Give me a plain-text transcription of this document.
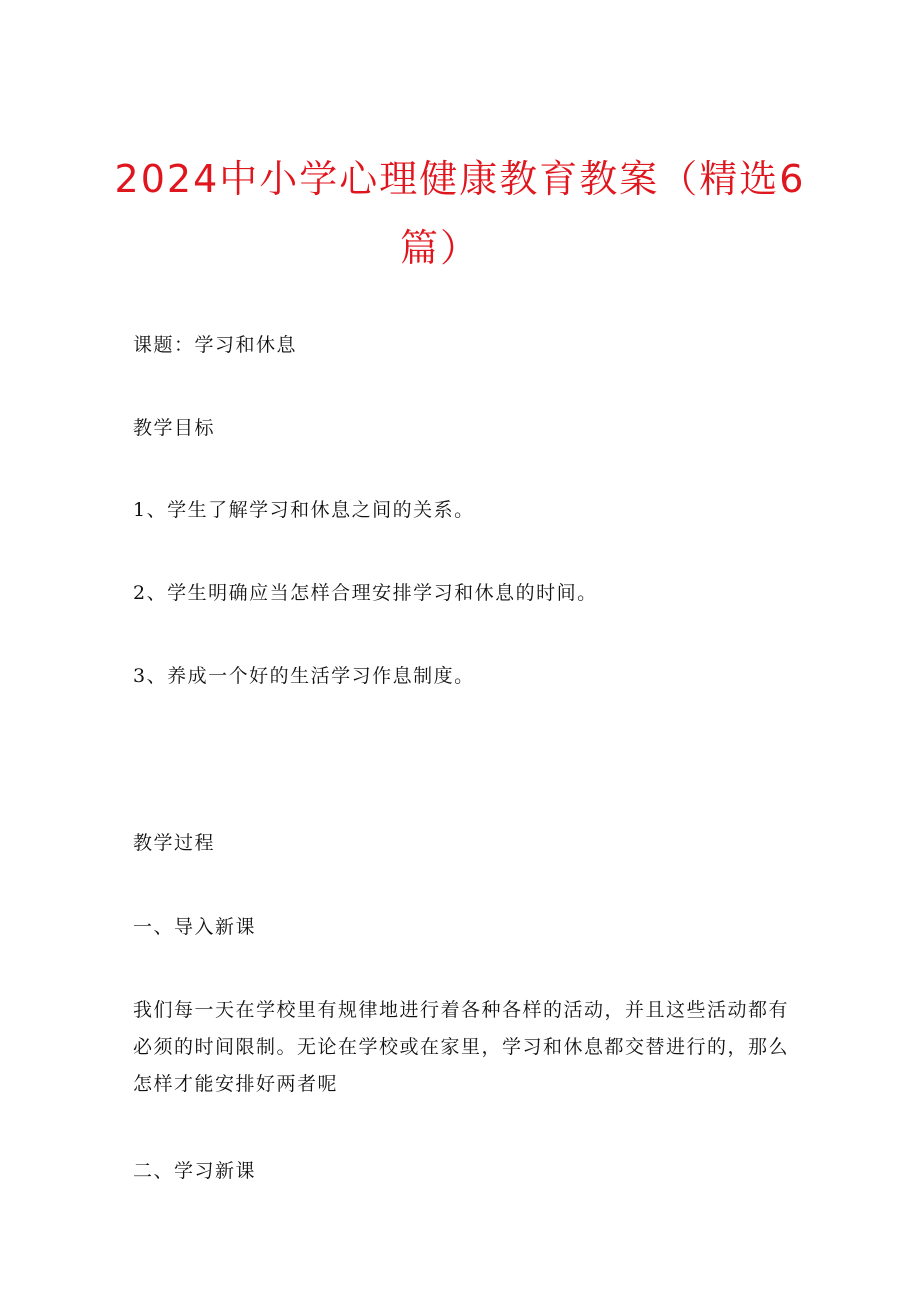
2024中小学心理健康教育教案（精选6
篇）
课题：学习和休息
教学目标
1、学生了解学习和休息之间的关系。
2、学生明确应当怎样合理安排学习和休息的时间。
3、养成一个好的生活学习作息制度。
教学过程
一、导入新课
我们每一天在学校里有规律地进行着各种各样的活动，并且这些活动都有
必须的时间限制。无论在学校或在家里，学习和休息都交替进行的，那么
怎样才能安排好两者呢
二、学习新课
